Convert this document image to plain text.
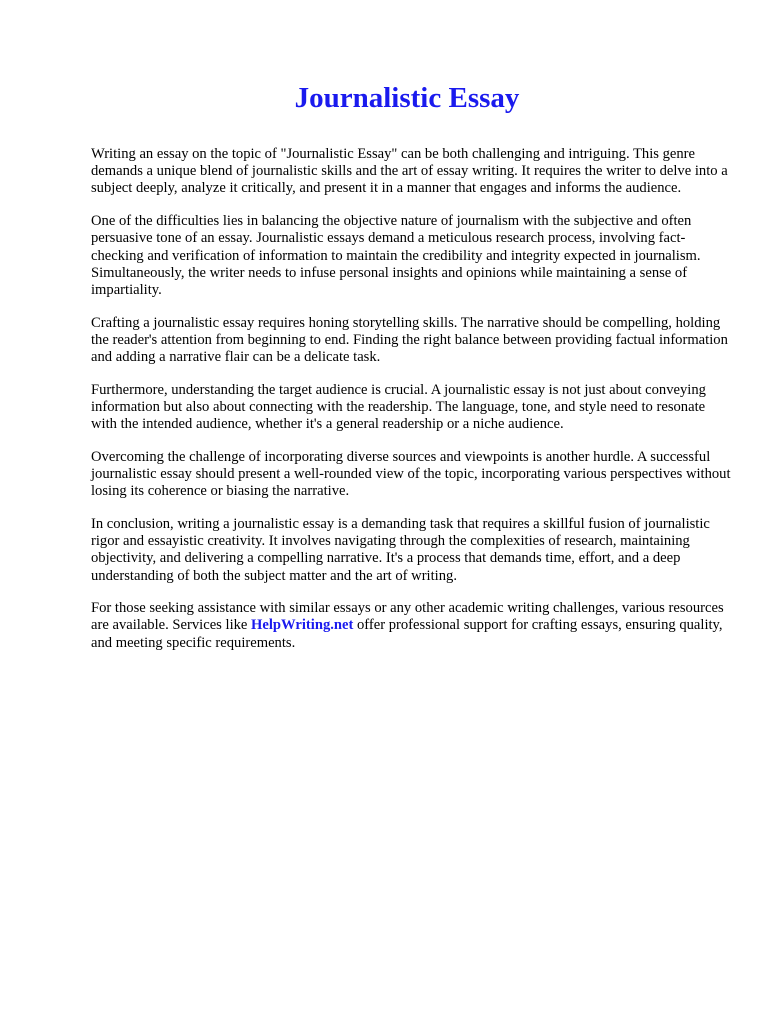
Journalistic Essay

Writing an essay on the topic of "Journalistic Essay" can be both challenging and intriguing. This genre demands a unique blend of journalistic skills and the art of essay writing. It requires the writer to delve into a subject deeply, analyze it critically, and present it in a manner that engages and informs the audience.

One of the difficulties lies in balancing the objective nature of journalism with the subjective and often persuasive tone of an essay. Journalistic essays demand a meticulous research process, involving fact-checking and verification of information to maintain the credibility and integrity expected in journalism. Simultaneously, the writer needs to infuse personal insights and opinions while maintaining a sense of impartiality.

Crafting a journalistic essay requires honing storytelling skills. The narrative should be compelling, holding the reader's attention from beginning to end. Finding the right balance between providing factual information and adding a narrative flair can be a delicate task.

Furthermore, understanding the target audience is crucial. A journalistic essay is not just about conveying information but also about connecting with the readership. The language, tone, and style need to resonate with the intended audience, whether it's a general readership or a niche audience.

Overcoming the challenge of incorporating diverse sources and viewpoints is another hurdle. A successful journalistic essay should present a well-rounded view of the topic, incorporating various perspectives without losing its coherence or biasing the narrative.

In conclusion, writing a journalistic essay is a demanding task that requires a skillful fusion of journalistic rigor and essayistic creativity. It involves navigating through the complexities of research, maintaining objectivity, and delivering a compelling narrative. It's a process that demands time, effort, and a deep understanding of both the subject matter and the art of writing.

For those seeking assistance with similar essays or any other academic writing challenges, various resources are available. Services like HelpWriting.net offer professional support for crafting essays, ensuring quality, and meeting specific requirements.
